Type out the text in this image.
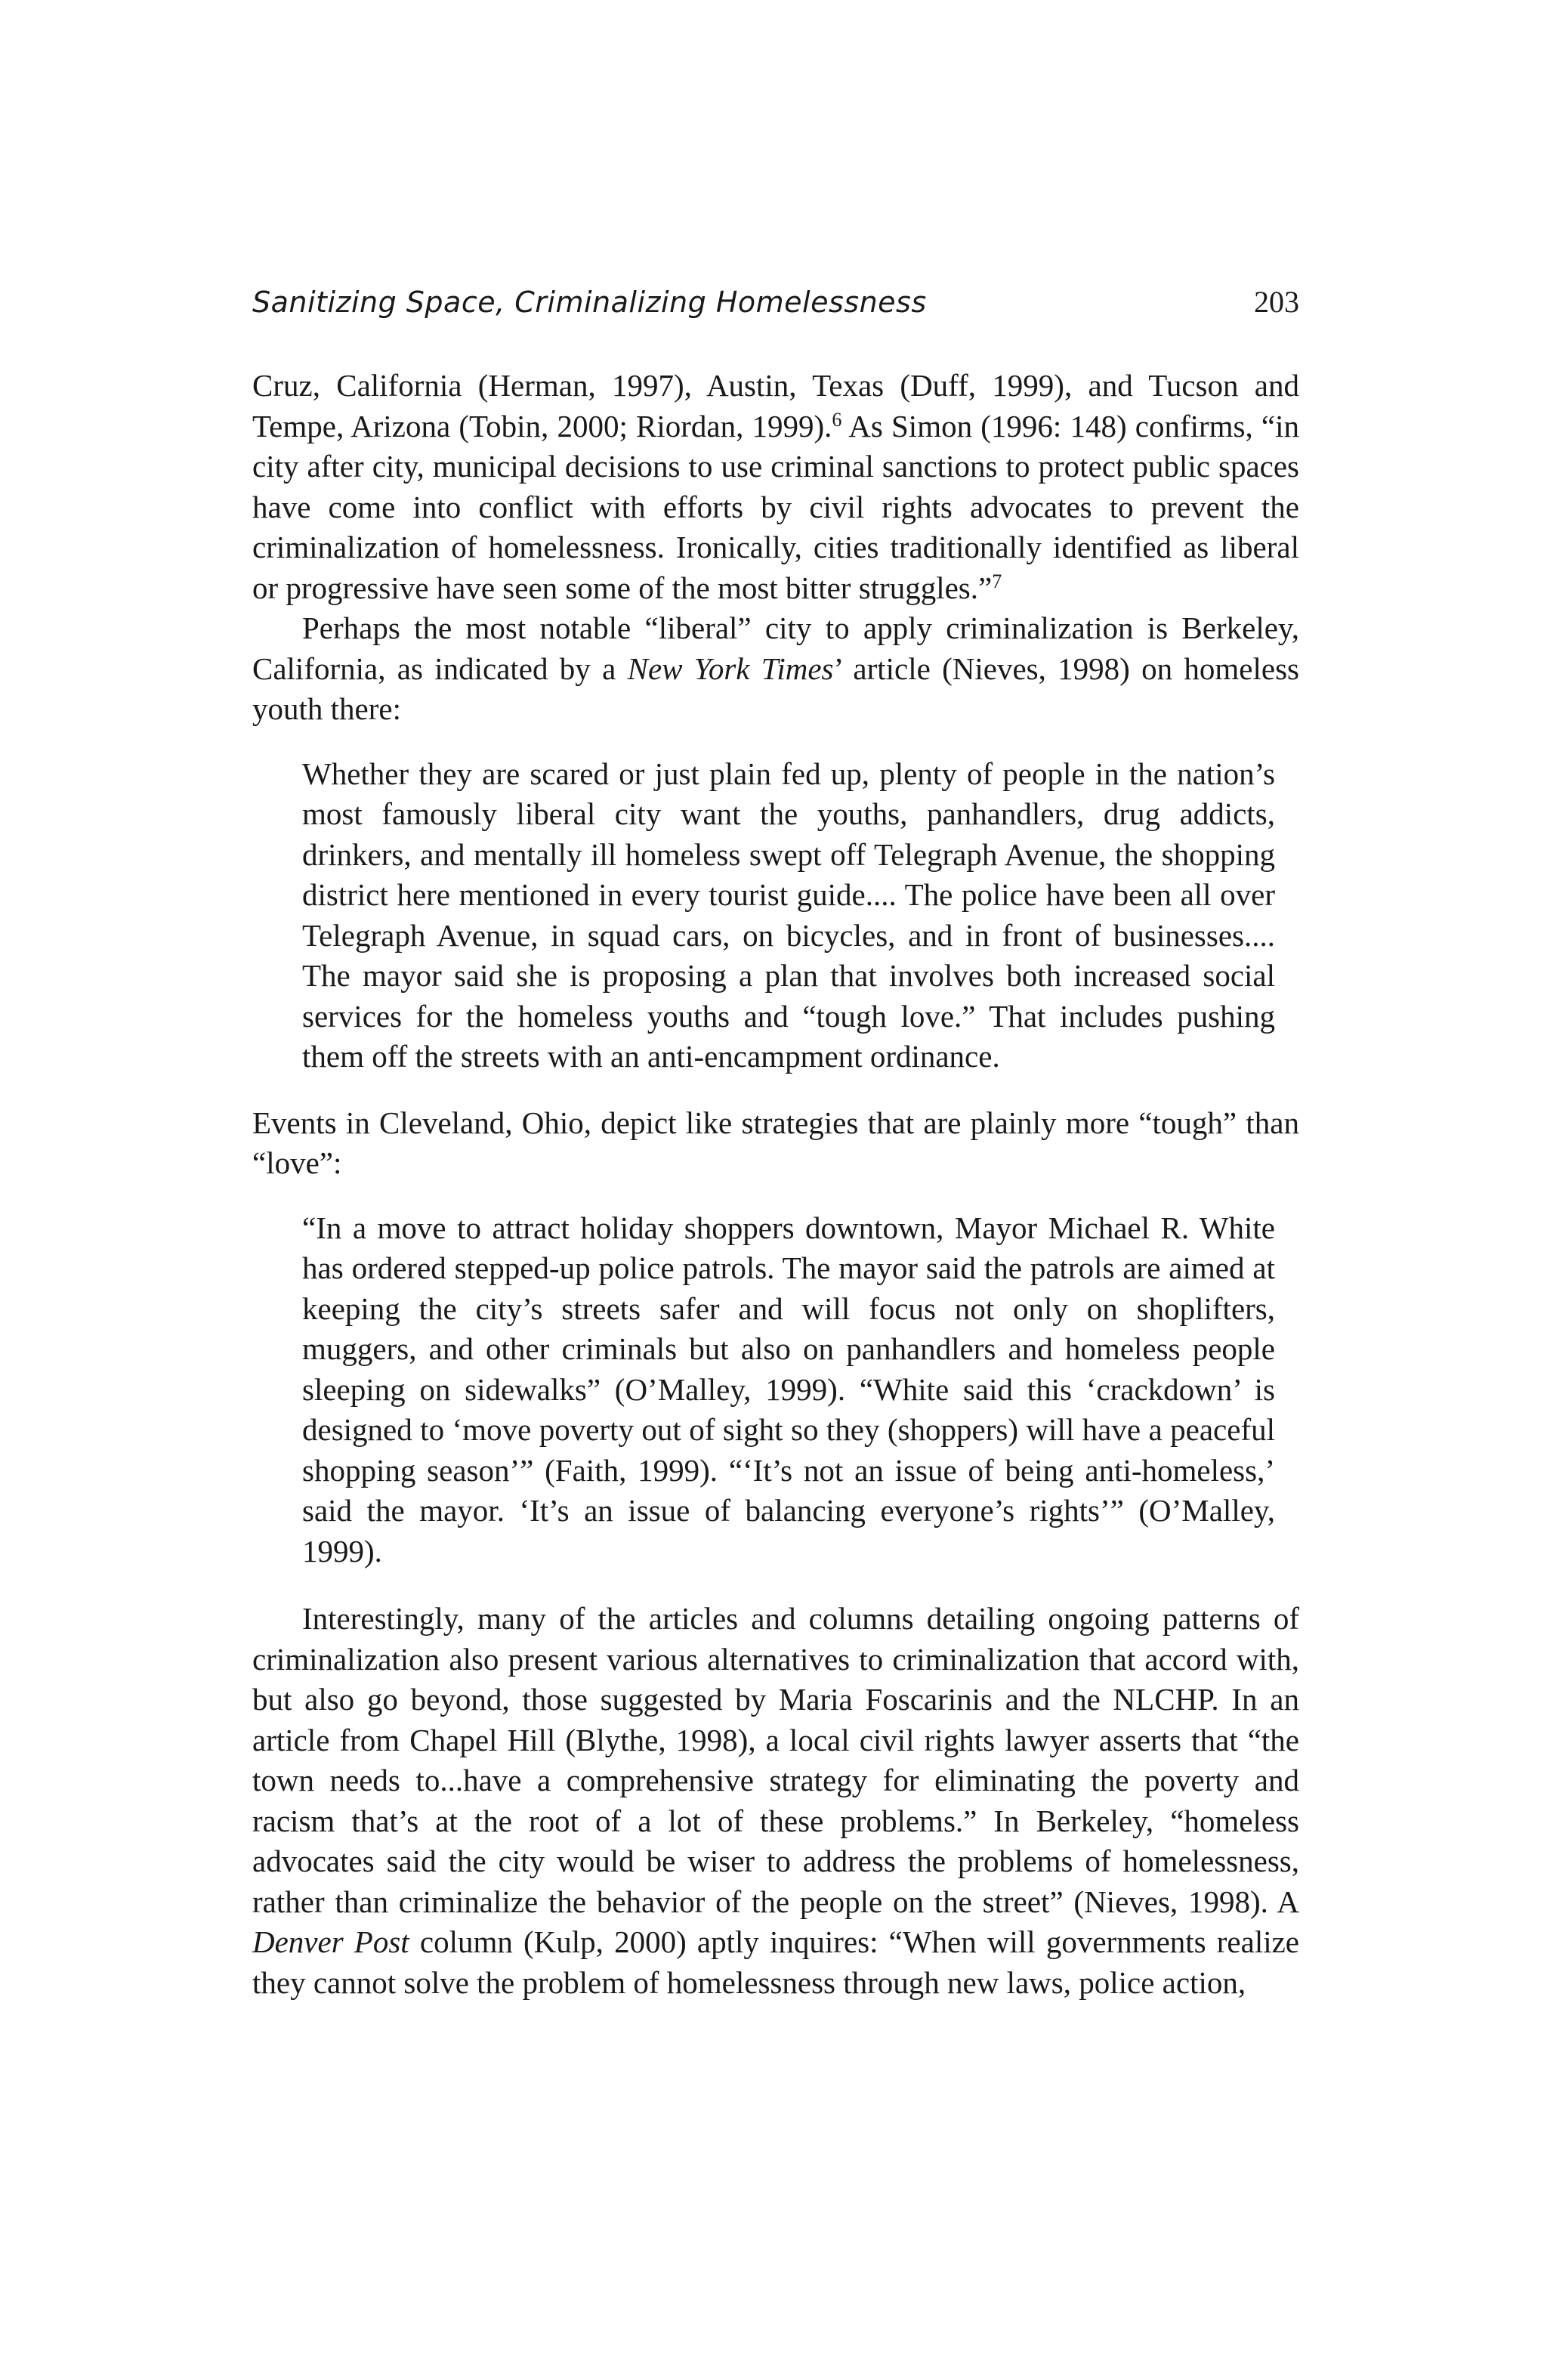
Sanitizing Space, Criminalizing Homelessness	203

Cruz, California (Herman, 1997), Austin, Texas (Duff, 1999), and Tucson and Tempe, Arizona (Tobin, 2000; Riordan, 1999).$^6$ As Simon (1996: 148) confirms, “in city after city, municipal decisions to use criminal sanctions to protect public spaces have come into conflict with efforts by civil rights advocates to prevent the criminalization of homelessness. Ironically, cities traditionally identified as liberal or progressive have seen some of the most bitter struggles.”$^7$

Perhaps the most notable “liberal” city to apply criminalization is Berkeley, California, as indicated by a New York Times’ article (Nieves, 1998) on homeless youth there:

Whether they are scared or just plain fed up, plenty of people in the nation’s most famously liberal city want the youths, panhandlers, drug addicts, drinkers, and mentally ill homeless swept off Telegraph Avenue, the shopping district here mentioned in every tourist guide.... The police have been all over Telegraph Avenue, in squad cars, on bicycles, and in front of businesses.... The mayor said she is proposing a plan that involves both increased social services for the homeless youths and “tough love.” That includes pushing them off the streets with an anti-encampment ordinance.

Events in Cleveland, Ohio, depict like strategies that are plainly more “tough” than “love”:

“In a move to attract holiday shoppers downtown, Mayor Michael R. White has ordered stepped-up police patrols. The mayor said the patrols are aimed at keeping the city’s streets safer and will focus not only on shoplifters, muggers, and other criminals but also on panhandlers and homeless people sleeping on sidewalks” (O’Malley, 1999). “White said this ‘crackdown’ is designed to ‘move poverty out of sight so they (shoppers) will have a peaceful shopping season’” (Faith, 1999). “‘It’s not an issue of being anti-homeless,’ said the mayor. ‘It’s an issue of balancing everyone’s rights’” (O’Malley, 1999).

Interestingly, many of the articles and columns detailing ongoing patterns of criminalization also present various alternatives to criminalization that accord with, but also go beyond, those suggested by Maria Foscarinis and the NLCHP. In an article from Chapel Hill (Blythe, 1998), a local civil rights lawyer asserts that “the town needs to...have a comprehensive strategy for eliminating the poverty and racism that’s at the root of a lot of these problems.” In Berkeley, “homeless advocates said the city would be wiser to address the problems of homelessness, rather than criminalize the behavior of the people on the street” (Nieves, 1998). A Denver Post column (Kulp, 2000) aptly inquires: “When will governments realize they cannot solve the problem of homelessness through new laws, police action,
